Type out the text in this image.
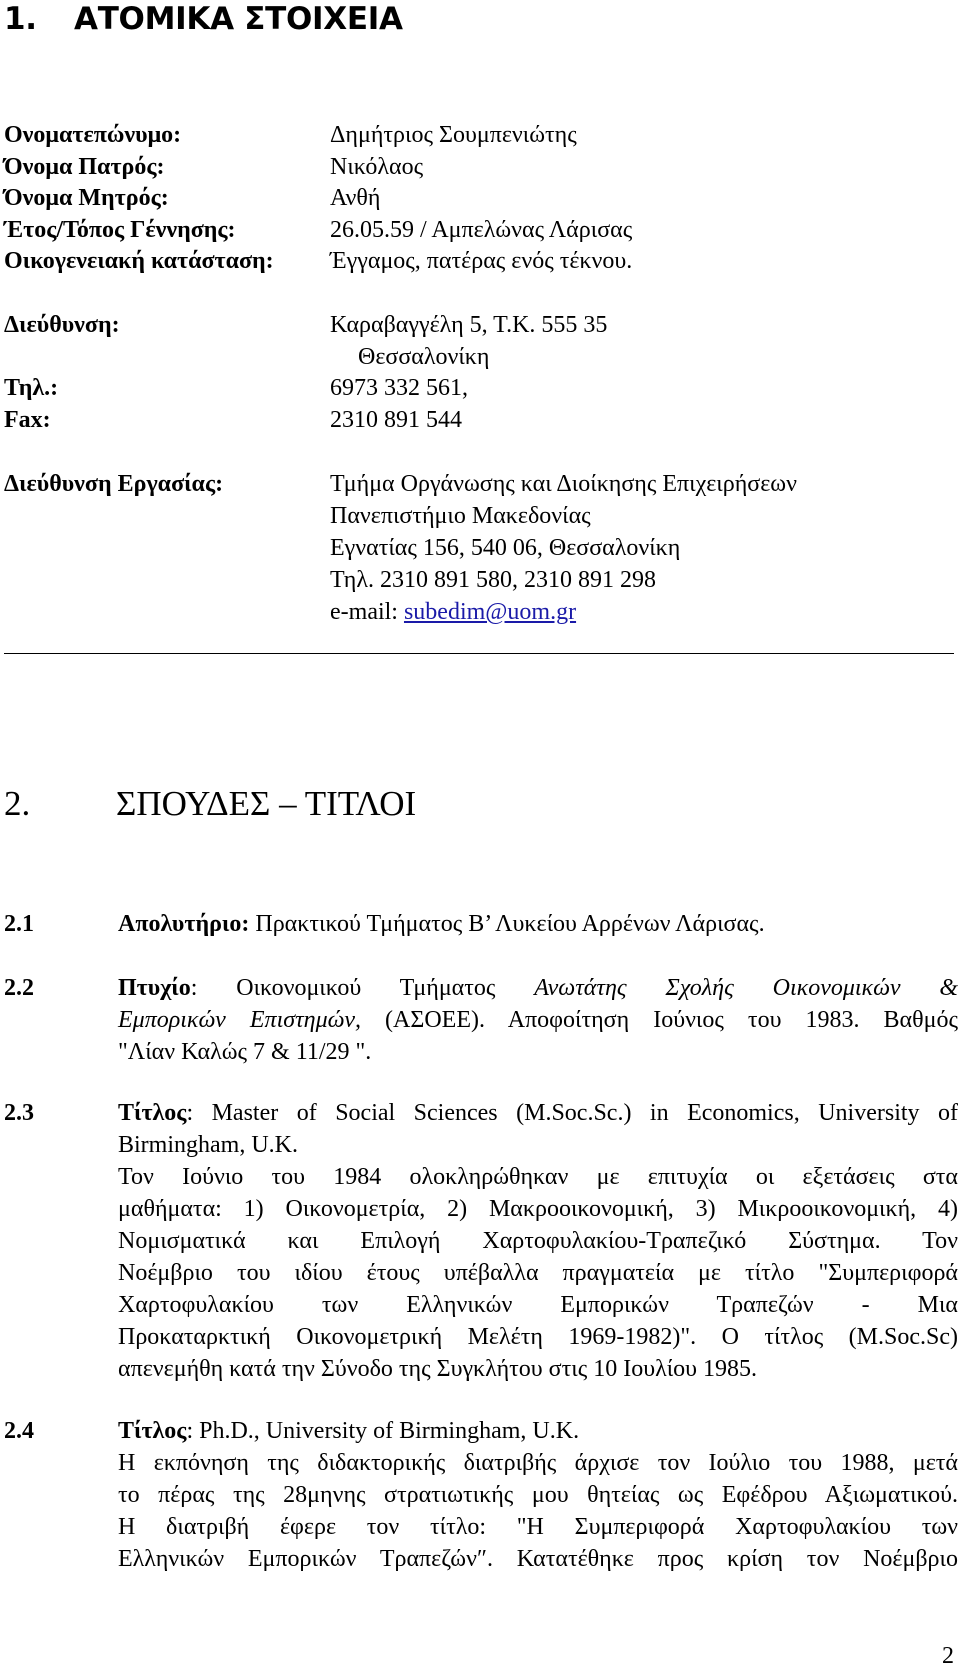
1. ΑΤΟΜΙΚΑ ΣΤΟΙΧΕΙΑ
Ονοματεπώνυμο:	Δημήτριος Σουμπενιώτης
Όνομα Πατρός:	Νικόλαος
Όνομα Μητρός:	Ανθή
Έτος/Τόπος Γέννησης:	26.05.59 / Αμπελώνας Λάρισας
Οικογενειακή κατάσταση: Έγγαμος, πατέρας ενός τέκνου.
Διεύθυνση:	Καραβαγγέλη 5, Τ.Κ. 555 35
Θεσσαλονίκη
Τηλ.:	6973 332 561,
Fax:	2310 891 544
Διεύθυνση Εργασίας:	Τμήμα Οργάνωσης και Διοίκησης Επιχειρήσεων
Πανεπιστήμιο Μακεδονίας
Εγνατίας 156, 540 06, Θεσσαλονίκη
Τηλ. 2310 891 580, 2310 891 298
e-mail: subedim@uom.gr
2. ΣΠΟΥΔΕΣ – ΤΙΤΛΟΙ
2.1	Απολυτήριο: Πρακτικού Τμήματος Β’ Λυκείου Αρρένων Λάρισας.
2.2	Πτυχίο: Οικονομικού Τμήματος Ανωτάτης Σχολής Οικονομικών &
Εμπορικών Επιστημών, (ΑΣΟΕΕ). Αποφοίτηση Ιούνιος του 1983. Βαθμός
"Λίαν Καλώς 7 & 11/29 ".
2.3	Τίτλος: Master of Social Sciences (M.Soc.Sc.) in Economics, University of
Birmingham, U.K.
Τον Ιούνιο του 1984 ολοκληρώθηκαν με επιτυχία οι εξετάσεις στα
μαθήματα: 1) Οικονομετρία, 2) Μακροοικονομική, 3) Μικροοικονομική, 4)
Νομισματικά και Επιλογή Χαρτοφυλακίου-Τραπεζικό Σύστημα. Τον
Νοέμβριο του ιδίου έτους υπέβαλλα πραγματεία με τίτλο "Συμπεριφορά
Χαρτοφυλακίου των Ελληνικών Εμπορικών Τραπεζών - Μια
Προκαταρκτική Οικονομετρική Μελέτη 1969-1982)". Ο τίτλος (M.Soc.Sc)
απενεμήθη κατά την Σύνοδο της Συγκλήτου στις 10 Ιουλίου 1985.
2.4	Τίτλος: Ph.D., University of Birmingham, U.K.
Η εκπόνηση της διδακτορικής διατριβής άρχισε τον Ιούλιο του 1988, μετά
το πέρας της 28μηνης στρατιωτικής μου θητείας ως Εφέδρου Αξιωματικού.
Η διατριβή έφερε τον τίτλο: "Η Συμπεριφορά Χαρτοφυλακίου των
Ελληνικών Εμπορικών Τραπεζών″. Κατατέθηκε προς κρίση τον Νοέμβριο
2
